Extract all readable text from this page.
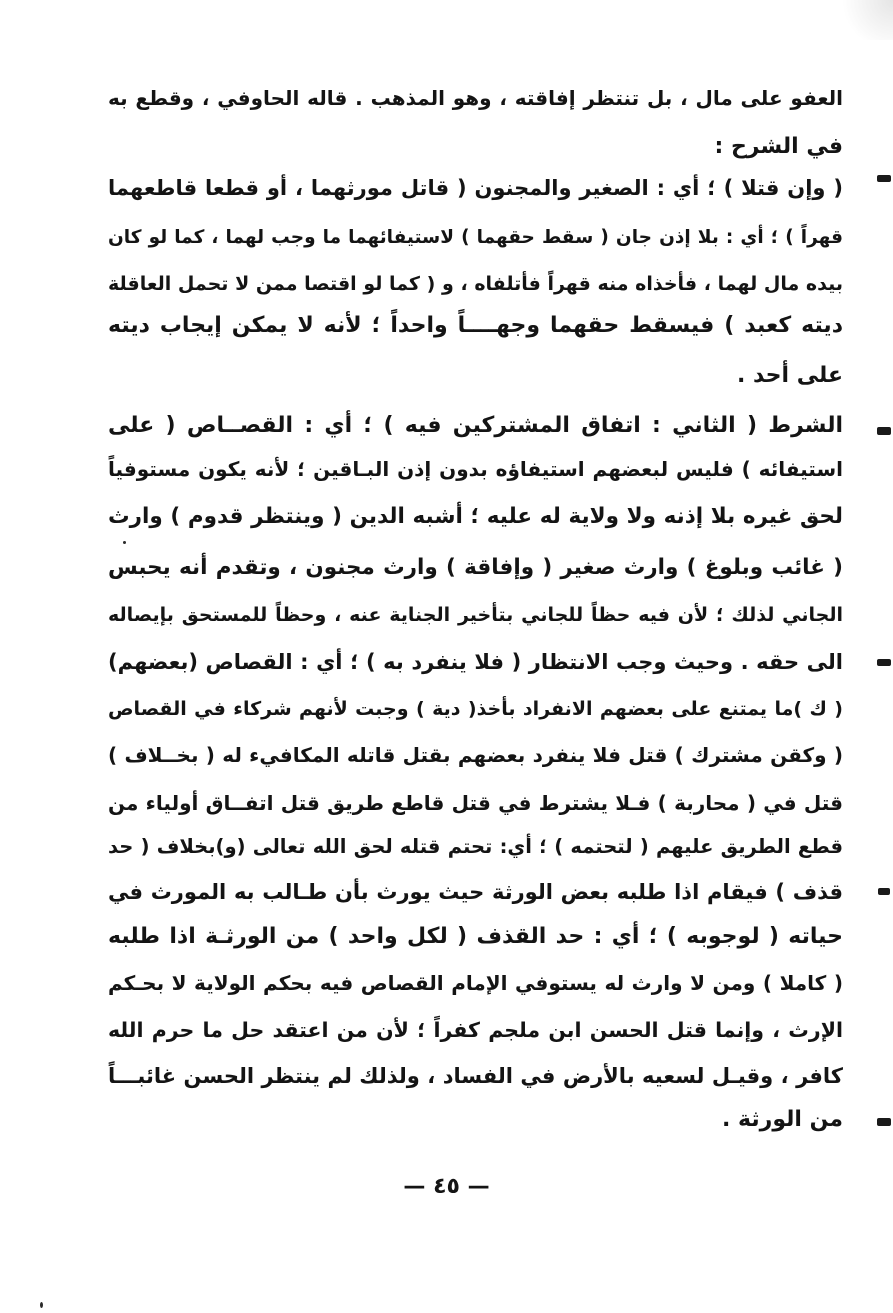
العفو على مال ، بل تنتظر إفاقته ، وهو المذهب . قاله الحاوفي ، وقطع به
في الشرح :
( وإن قتلا ) ؛ أي : الصغير والمجنون ( قاتل مورثهما ، أو قطعا قاطعهما
قهراً ) ؛ أي : بلا إذن جان ( سقط حقهما ) لاستيفائهما ما وجب لهما ، كما لو كان
بيده مال لهما ، فأخذاه منه قهراً فأتلفاه ، و ( كما لو اقتصا ممن لا تحمل العاقلة
ديته كعبد ) فيسقط حقهما وجهــــاً واحداً ؛ لأنه لا يمكن إيجاب ديته
على أحد .
الشرط ( الثاني : اتفاق المشتركين فيه ) ؛ أي : القصــاص ( على
استيفائه ) فليس لبعضهم استيفاؤه بدون إذن البـاقين ؛ لأنه يكون مستوفياً
لحق غيره بلا إذنه ولا ولاية له عليه ؛ أشبه الدين ( وينتظر قدوم ) وارث
( غائب وبلوغ ) وارث صغير ( وإفاقة ) وارث مجنون ، وتقدم أنه يحبس
الجاني لذلك ؛ لأن فيه حظاً للجاني بتأخير الجناية عنه ، وحظاً للمستحق بإيصاله
الى حقه . وحيث وجب الانتظار ( فلا ينفرد به ) ؛ أي : القصاص (بعضهم)
( ك )ما يمتنع على بعضهم الانفراد بأخذ( دية ) وجبت لأنهم شركاء في القصاص
( وكقن مشترك ) قتل فلا ينفرد بعضهم بقتل قاتله المكافيء له ( بخــلاف )
قتل في ( محاربة ) فـلا يشترط في قتل قاطع طريق قتل اتفــاق أولياء من
قطع الطريق عليهم ( لتحتمه ) ؛ أي: تحتم قتله لحق الله تعالى (و)بخلاف ( حد
قذف ) فيقام اذا طلبه بعض الورثة حيث يورث بأن طـالب به المورث في
حياته ( لوجوبه ) ؛ أي : حد القذف ( لكل واحد ) من الورثـة اذا طلبه
( كاملا ) ومن لا وارث له يستوفي الإمام القصاص فيه بحكم الولاية لا بحـكم
الإرث ، وإنما قتل الحسن ابن ملجم كفراً ؛ لأن من اعتقد حل ما حرم الله
كافر ، وقيـل لسعيه بالأرض في الفساد ، ولذلك لم ينتظر الحسن غائبـــاً
من الورثة .
— ٤٥ —
